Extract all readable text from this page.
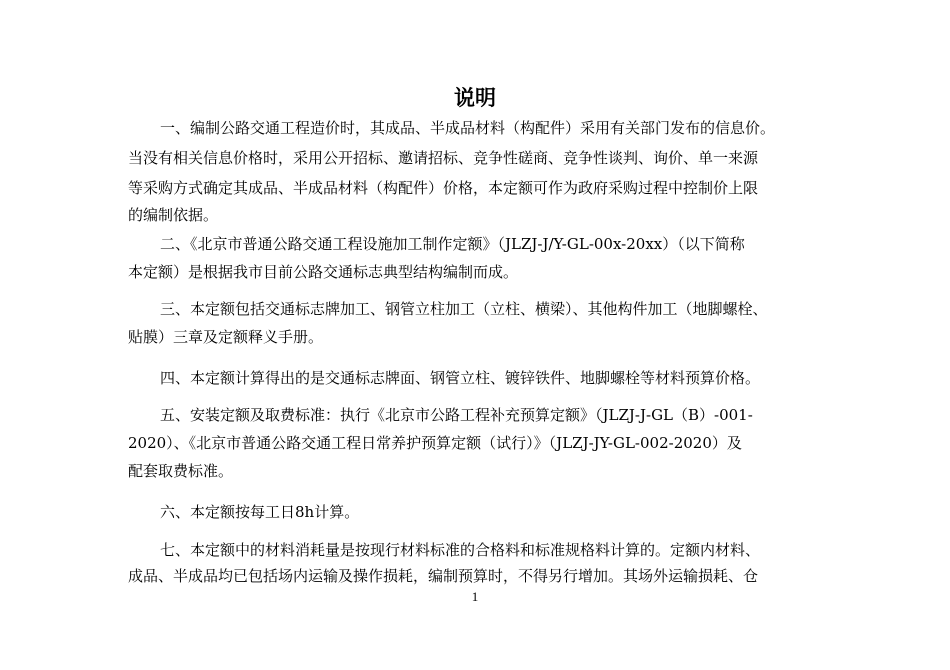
说明
一、编制公路交通工程造价时，其成品、半成品材料（构配件）采用有关部门发布的信息价。
当没有相关信息价格时，采用公开招标、邀请招标、竞争性磋商、竞争性谈判、询价、单一来源
等采购方式确定其成品、半成品材料（构配件）价格，本定额可作为政府采购过程中控制价上限
的编制依据。
二、《北京市普通公路交通工程设施加工制作定额》（JLZJ-J/Y-GL-00x-20xx）（以下简称
本定额）是根据我市目前公路交通标志典型结构编制而成。
三、本定额包括交通标志牌加工、钢管立柱加工（立柱、横梁）、其他构件加工（地脚螺栓、
贴膜）三章及定额释义手册。
四、本定额计算得出的是交通标志牌面、钢管立柱、镀锌铁件、地脚螺栓等材料预算价格。
五、安装定额及取费标准：执行《北京市公路工程补充预算定额》（JLZJ-J-GL（B）-001-
2020）、《北京市普通公路交通工程日常养护预算定额（试行）》（JLZJ-JY-GL-002-2020）及
配套取费标准。
六、本定额按每工日8h计算。
七、本定额中的材料消耗量是按现行材料标准的合格料和标准规格料计算的。定额内材料、
成品、半成品均已包括场内运输及操作损耗，编制预算时，不得另行增加。其场外运输损耗、仓
1
